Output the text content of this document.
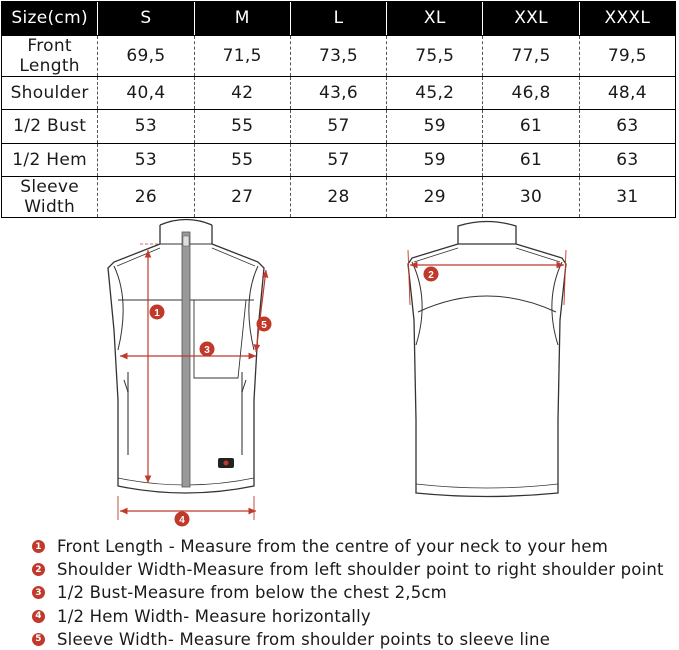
Size(cm)	S	M	L	XL	XXL	XXXL
Front Length	69,5	71,5	73,5	75,5	77,5	79,5
Shoulder	40,4	42	43,6	45,2	46,8	48,4
1/2 Bust	53	55	57	59	61	63
1/2 Hem	53	55	57	59	61	63
Sleeve Width	26	27	28	29	30	31
1
3
4
5
2
1 Front Length - Measure from the centre of your neck to your hem
2 Shoulder Width-Measure from left shoulder point to right shoulder point
3 1/2 Bust-Measure from below the chest 2,5cm
4 1/2 Hem Width- Measure horizontally
5 Sleeve Width- Measure from shoulder points to sleeve line
